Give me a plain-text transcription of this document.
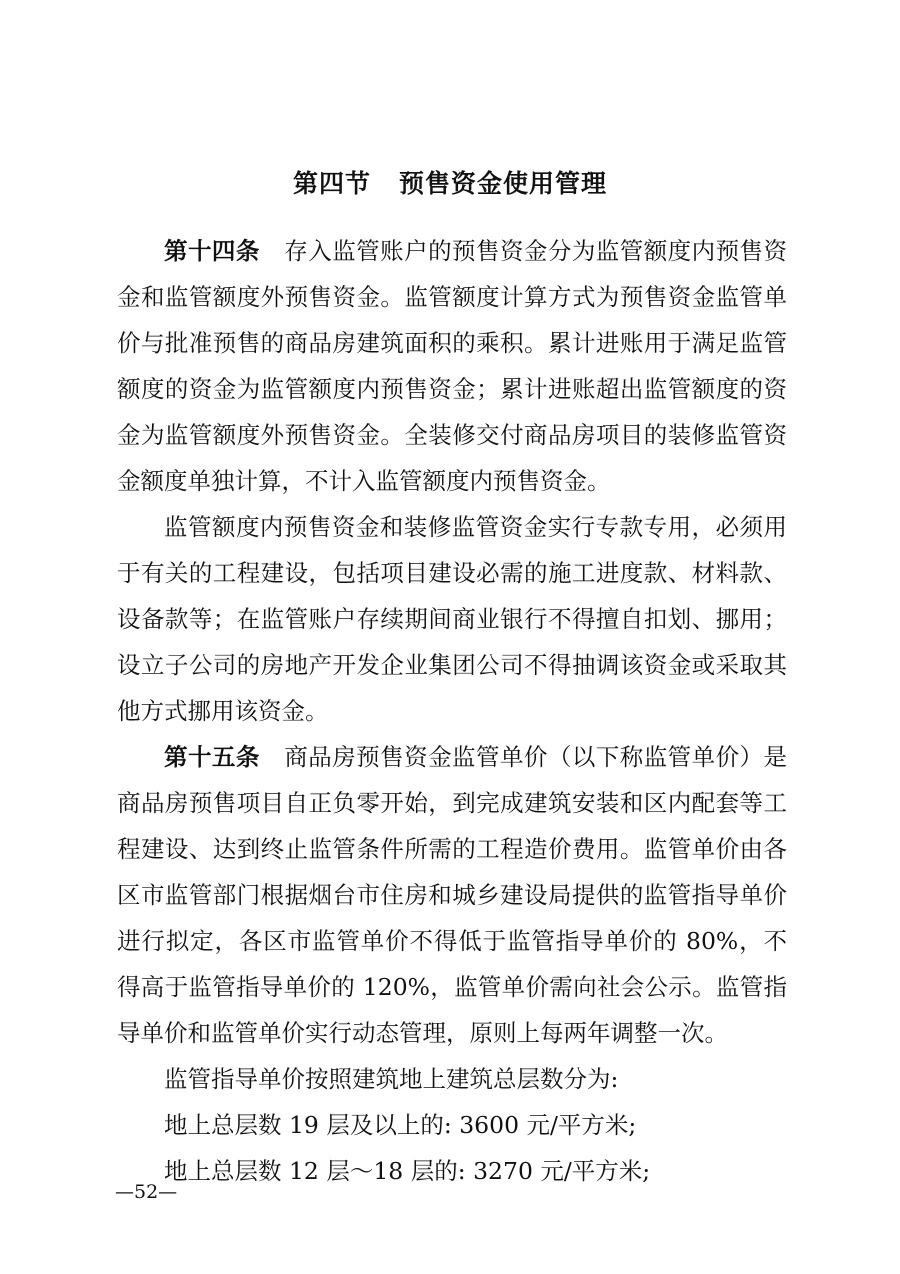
第四节 预售资金使用管理

第十四条 存入监管账户的预售资金分为监管额度内预售资金和监管额度外预售资金。监管额度计算方式为预售资金监管单价与批准预售的商品房建筑面积的乘积。累计进账用于满足监管额度的资金为监管额度内预售资金；累计进账超出监管额度的资金为监管额度外预售资金。全装修交付商品房项目的装修监管资金额度单独计算，不计入监管额度内预售资金。

监管额度内预售资金和装修监管资金实行专款专用，必须用于有关的工程建设，包括项目建设必需的施工进度款、材料款、设备款等；在监管账户存续期间商业银行不得擅自扣划、挪用；设立子公司的房地产开发企业集团公司不得抽调该资金或采取其他方式挪用该资金。

第十五条 商品房预售资金监管单价（以下称监管单价）是商品房预售项目自正负零开始，到完成建筑安装和区内配套等工程建设、达到终止监管条件所需的工程造价费用。监管单价由各区市监管部门根据烟台市住房和城乡建设局提供的监管指导单价进行拟定，各区市监管单价不得低于监管指导单价的 80%，不得高于监管指导单价的 120%，监管单价需向社会公示。监管指导单价和监管单价实行动态管理，原则上每两年调整一次。

监管指导单价按照建筑地上建筑总层数分为:

地上总层数 19 层及以上的: 3600 元/平方米;

地上总层数 12 层～18 层的: 3270 元/平方米;

—52—
